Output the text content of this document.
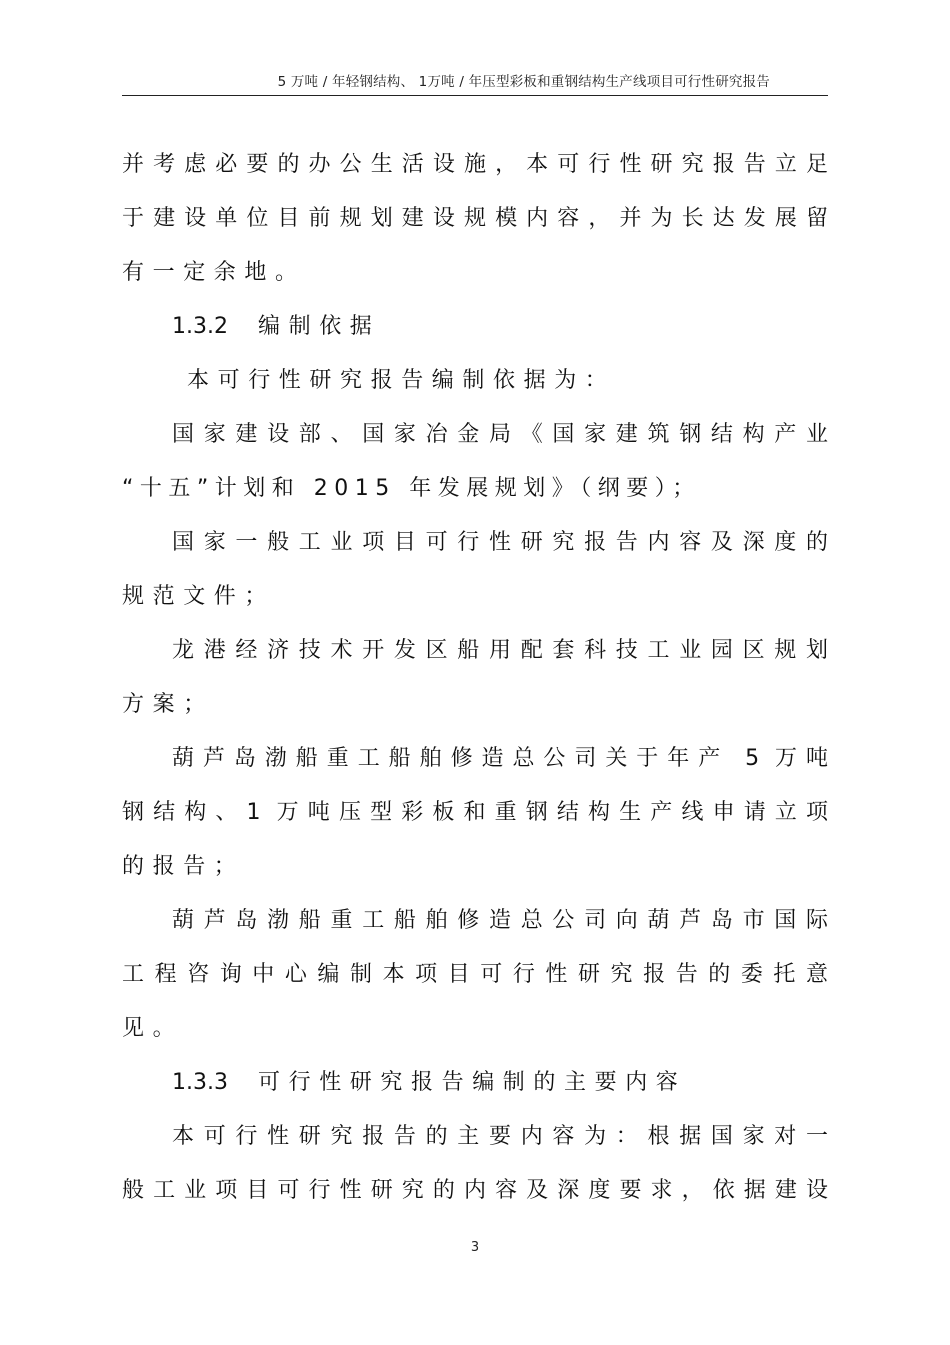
5 万吨 / 年轻钢结构、 1万吨 / 年压型彩板和重钢结构生产线项目可行性研究报告
并考虑必要的办公生活设施，本可行性研究报告立足
于建设单位目前规划建设规模内容，并为长达发展留
有一定余地。
1.3.2 编制依据
本可行性研究报告编制依据为：
国家建设部、国家冶金局《国家建筑钢结构产业
“十五”计划和 2015 年发展规划》（纲要）；
国家一般工业项目可行性研究报告内容及深度的
规范文件；
龙港经济技术开发区船用配套科技工业园区规划
方案；
葫芦岛渤船重工船舶修造总公司关于年产 5 万吨
钢结构、1 万吨压型彩板和重钢结构生产线申请立项
的报告；
葫芦岛渤船重工船舶修造总公司向葫芦岛市国际
工程咨询中心编制本项目可行性研究报告的委托意
见。
1.3.3 可行性研究报告编制的主要内容
本可行性研究报告的主要内容为：根据国家对一
般工业项目可行性研究的内容及深度要求，依据建设
3
